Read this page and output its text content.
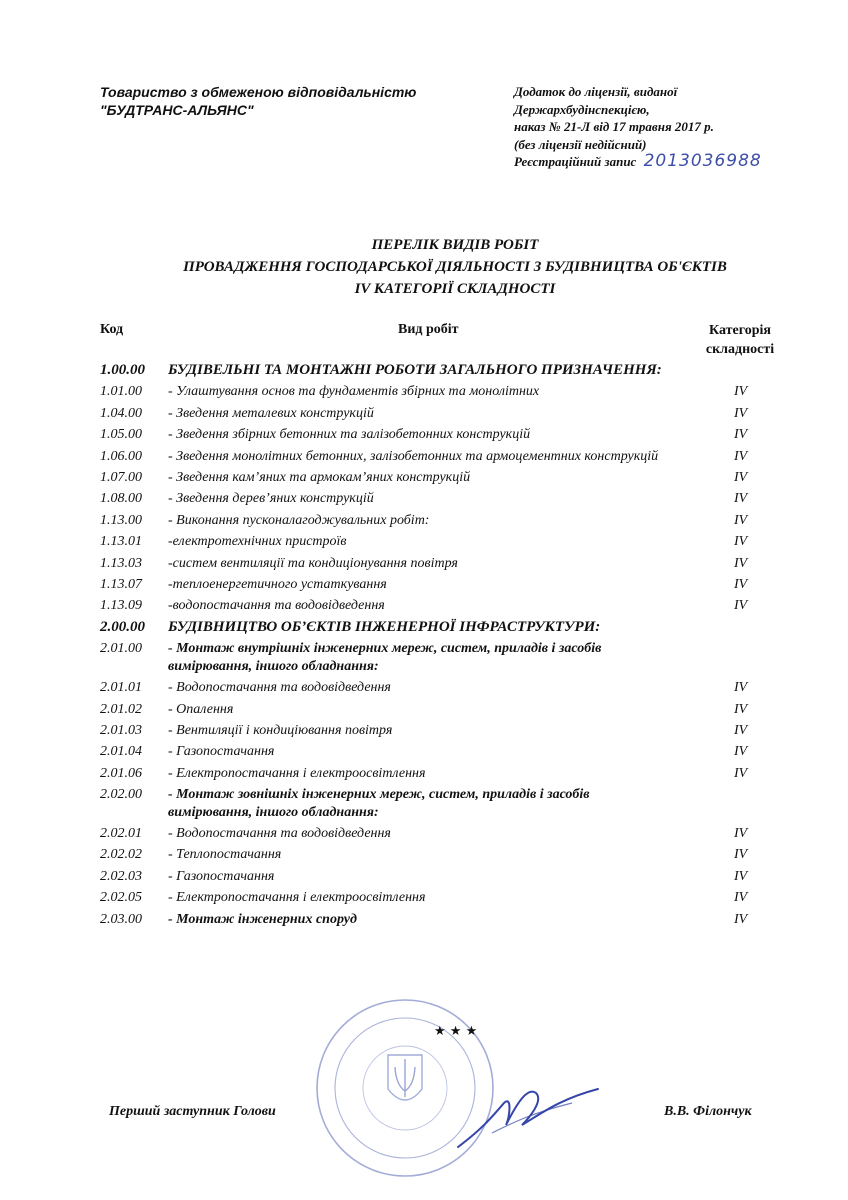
Товариство з обмеженою відповідальністю
"БУДТРАНС-АЛЬЯНС"
Додаток до ліцензії, виданої
Держархбудінспекцією,
наказ № 21-Л від 17 травня 2017 р.
(без ліцензії недійсний)
Реєстраційний запис 2013036988
ПЕРЕЛІК ВИДІВ РОБІТ
ПРОВАДЖЕННЯ ГОСПОДАРСЬКОЇ ДІЯЛЬНОСТІ З БУДІВНИЦТВА ОБ'ЄКТІВ
IV КАТЕГОРІЇ СКЛАДНОСТІ
Код	Вид робіт	Категорія
складності
1.00.00	БУДІВЕЛЬНІ ТА МОНТАЖНІ РОБОТИ ЗАГАЛЬНОГО ПРИЗНАЧЕННЯ:
1.01.00	- Улаштування основ та фундаментів збірних та монолітних	IV
1.04.00	- Зведення металевих конструкцій	IV
1.05.00	- Зведення збірних бетонних та залізобетонних конструкцій	IV
1.06.00	- Зведення монолітних бетонних, залізобетонних та армоцементних конструкцій	IV
1.07.00	- Зведення кам’яних та армокам’яних конструкцій	IV
1.08.00	- Зведення дерев’яних конструкцій	IV
1.13.00	- Виконання пусконалагоджувальних робіт:	IV
1.13.01	-електротехнічних пристроїв	IV
1.13.03	-систем вентиляції та кондиціонування повітря	IV
1.13.07	-теплоенергетичного устаткування	IV
1.13.09	-водопостачання та водовідведення	IV
2.00.00	БУДІВНИЦТВО ОБ’ЄКТІВ ІНЖЕНЕРНОЇ ІНФРАСТРУКТУРИ:
2.01.00	- Монтаж внутрішніх інженерних мереж, систем, приладів і засобів вимірювання, іншого обладнання:
2.01.01	- Водопостачання та водовідведення	IV
2.01.02	- Опалення	IV
2.01.03	- Вентиляції і кондиціювання повітря	IV
2.01.04	- Газопостачання	IV
2.01.06	- Електропостачання і електроосвітлення	IV
2.02.00	- Монтаж зовнішніх інженерних мереж, систем, приладів і засобів вимірювання, іншого обладнання:
2.02.01	- Водопостачання та водовідведення	IV
2.02.02	- Теплопостачання	IV
2.02.03	- Газопостачання	IV
2.02.05	- Електропостачання і електроосвітлення	IV
2.03.00	- Монтаж інженерних споруд	IV
★ ★ ★
Перший заступник Голови	В.В. Філончук
